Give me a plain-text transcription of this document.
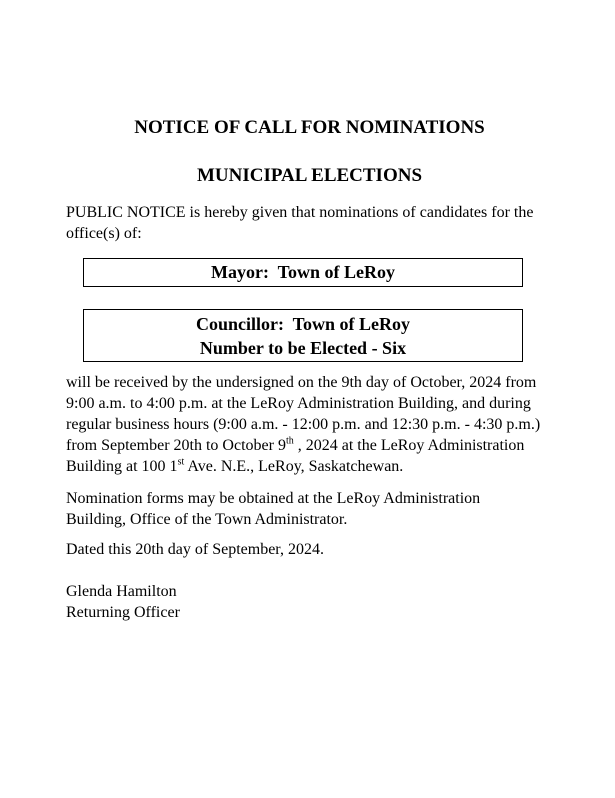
NOTICE OF CALL FOR NOMINATIONS
MUNICIPAL ELECTIONS
PUBLIC NOTICE is hereby given that nominations of candidates for the
office(s) of:
Mayor:  Town of LeRoy
Councillor:  Town of LeRoy
Number to be Elected - Six
will be received by the undersigned on the 9th day of October, 2024 from
9:00 a.m. to 4:00 p.m. at the LeRoy Administration Building, and during
regular business hours (9:00 a.m. - 12:00 p.m. and 12:30 p.m. - 4:30 p.m.)
from September 20th to October 9th , 2024 at the LeRoy Administration
Building at 100 1st Ave. N.E., LeRoy, Saskatchewan.
Nomination forms may be obtained at the LeRoy Administration
Building, Office of the Town Administrator.
Dated this 20th day of September, 2024.
Glenda Hamilton
Returning Officer
